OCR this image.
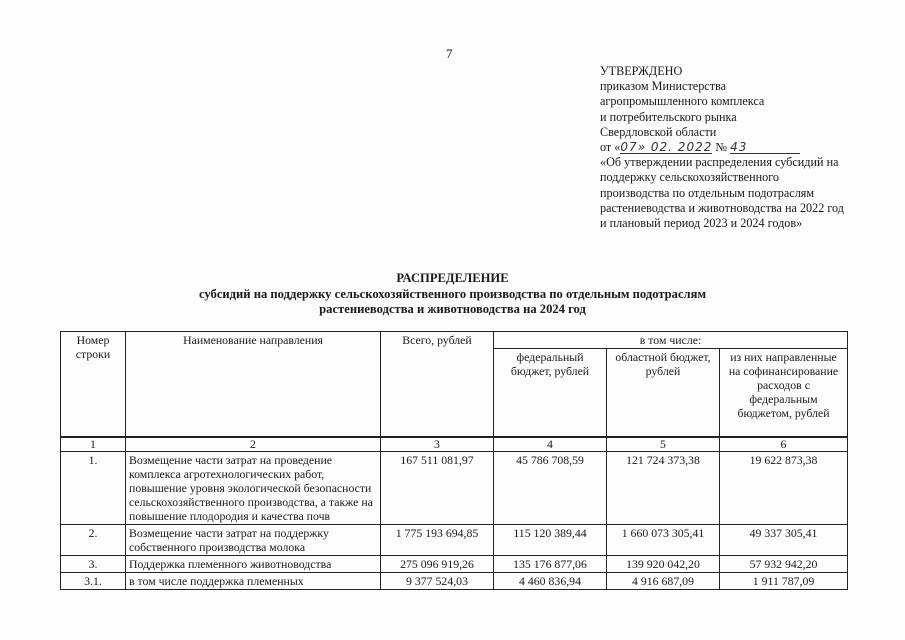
7
УТВЕРЖДЕНО
приказом Министерства
агропромышленного комплекса
и потребительского рынка
Свердловской области
от «07» 02. 2022 № 43
«Об утверждении распределения субсидий на поддержку сельскохозяйственного производства по отдельным подотраслям растениеводства и животноводства на 2022 год и плановый период 2023 и 2024 годов»
РАСПРЕДЕЛЕНИЕ
субсидий на поддержку сельскохозяйственного производства по отдельным подотраслям
растениеводства и животноводства на 2024 год
Номер строки	Наименование направления	Всего, рублей	в том числе:		
			федеральный бюджет, рублей	областной бюджет, рублей	из них направленные на софинансирование расходов с федеральным бюджетом, рублей
1	2	3	4	5	6
1.	Возмещение части затрат на проведение комплекса агротехнологических работ, повышение уровня экологической безопасности сельскохозяйственного производства, а также на повышение плодородия и качества почв	167 511 081,97	45 786 708,59	121 724 373,38	19 622 873,38
2.	Возмещение части затрат на поддержку собственного производства молока	1 775 193 694,85	115 120 389,44	1 660 073 305,41	49 337 305,41
3.	Поддержка племенного животноводства	275 096 919,26	135 176 877,06	139 920 042,20	57 932 942,20
3.1.	в том числе поддержка племенных	9 377 524,03	4 460 836,94	4 916 687,09	1 911 787,09
